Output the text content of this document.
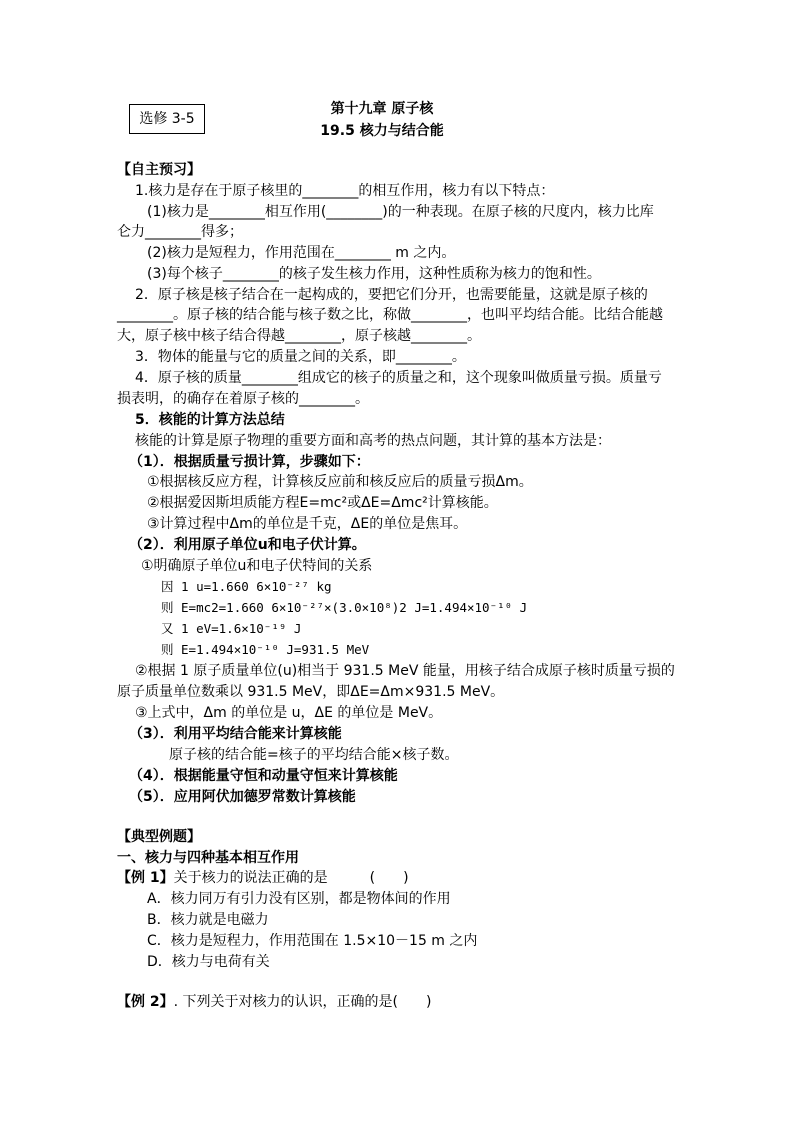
选修 3-5
第十九章 原子核
19.5 核力与结合能
【自主预习】
1.核力是存在于原子核里的________的相互作用，核力有以下特点：
(1)核力是________相互作用(________)的一种表现。在原子核的尺度内，核力比库
仑力________得多；
(2)核力是短程力，作用范围在________ m 之内。
(3)每个核子________的核子发生核力作用，这种性质称为核力的饱和性。
2．原子核是核子结合在一起构成的，要把它们分开，也需要能量，这就是原子核的
________。原子核的结合能与核子数之比，称做________，也叫平均结合能。比结合能越
大，原子核中核子结合得越________，原子核越________。
3．物体的能量与它的质量之间的关系，即________。
4．原子核的质量________组成它的核子的质量之和，这个现象叫做质量亏损。质量亏
损表明，的确存在着原子核的________。
5．核能的计算方法总结
核能的计算是原子物理的重要方面和高考的热点问题，其计算的基本方法是：
（1）．根据质量亏损计算，步骤如下：
①根据核反应方程，计算核反应前和核反应后的质量亏损Δm。
②根据爱因斯坦质能方程E=mc²或ΔE=Δmc²计算核能。
③计算过程中Δm的单位是千克，ΔE的单位是焦耳。
（2）．利用原子单位u和电子伏计算。
①明确原子单位u和电子伏特间的关系
因 1 u=1.660 6×10⁻²⁷ kg
则 E=mc2=1.660 6×10⁻²⁷×(3.0×10⁸)2 J=1.494×10⁻¹⁰ J
又 1 eV=1.6×10⁻¹⁹ J
则 E=1.494×10⁻¹⁰ J=931.5 MeV
②根据 1 原子质量单位(u)相当于 931.5 MeV 能量，用核子结合成原子核时质量亏损的
原子质量单位数乘以 931.5 MeV，即ΔE=Δm×931.5 MeV。
③上式中，Δm 的单位是 u，ΔE 的单位是 MeV。
（3）．利用平均结合能来计算核能
原子核的结合能=核子的平均结合能×核子数。
（4）．根据能量守恒和动量守恒来计算核能
（5）．应用阿伏加德罗常数计算核能
【典型例题】
一、核力与四种基本相互作用
【例 1】关于核力的说法正确的是　　　(　　)
A．核力同万有引力没有区别，都是物体间的作用
B．核力就是电磁力
C．核力是短程力，作用范围在 1.5×10－15 m 之内
D．核力与电荷有关
【例 2】. 下列关于对核力的认识，正确的是(　　)
